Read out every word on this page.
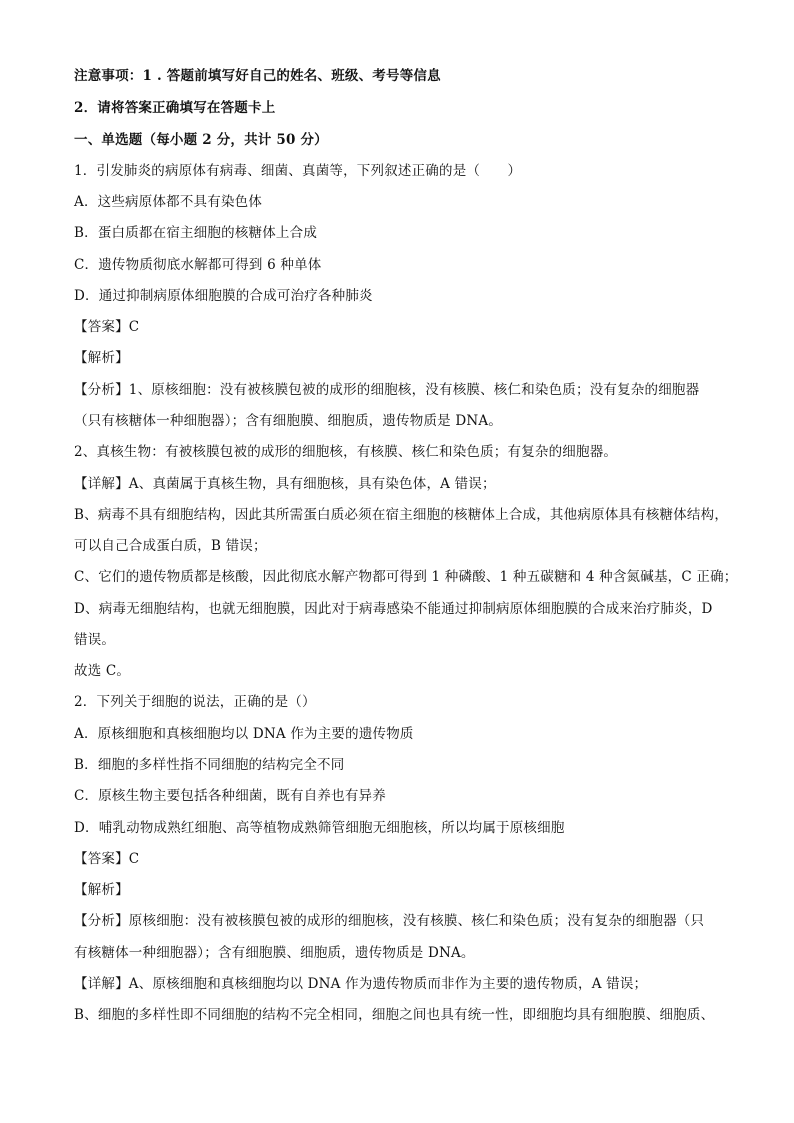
注意事项：1 . 答题前填写好自己的姓名、班级、考号等信息
2．请将答案正确填写在答题卡上
一、单选题（每小题 2 分，共计 50 分）
1．引发肺炎的病原体有病毒、细菌、真菌等，下列叙述正确的是（　　）
A．这些病原体都不具有染色体
B．蛋白质都在宿主细胞的核糖体上合成
C．遗传物质彻底水解都可得到 6 种单体
D．通过抑制病原体细胞膜的合成可治疗各种肺炎
【答案】C
【解析】
【分析】1、原核细胞：没有被核膜包被的成形的细胞核，没有核膜、核仁和染色质；没有复杂的细胞器
（只有核糖体一种细胞器）；含有细胞膜、细胞质，遗传物质是 DNA。
2、真核生物：有被核膜包被的成形的细胞核，有核膜、核仁和染色质；有复杂的细胞器。
【详解】A、真菌属于真核生物，具有细胞核，具有染色体，A 错误；
B、病毒不具有细胞结构，因此其所需蛋白质必须在宿主细胞的核糖体上合成，其他病原体具有核糖体结构，
可以自己合成蛋白质，B 错误；
C、它们的遗传物质都是核酸，因此彻底水解产物都可得到 1 种磷酸、1 种五碳糖和 4 种含氮碱基，C 正确；
D、病毒无细胞结构，也就无细胞膜，因此对于病毒感染不能通过抑制病原体细胞膜的合成来治疗肺炎，D
错误。
故选 C。
2．下列关于细胞的说法，正确的是（）
A．原核细胞和真核细胞均以 DNA 作为主要的遗传物质
B．细胞的多样性指不同细胞的结构完全不同
C．原核生物主要包括各种细菌，既有自养也有异养
D．哺乳动物成熟红细胞、高等植物成熟筛管细胞无细胞核，所以均属于原核细胞
【答案】C
【解析】
【分析】原核细胞：没有被核膜包被的成形的细胞核，没有核膜、核仁和染色质；没有复杂的细胞器（只
有核糖体一种细胞器）；含有细胞膜、细胞质，遗传物质是 DNA。
【详解】A、原核细胞和真核细胞均以 DNA 作为遗传物质而非作为主要的遗传物质，A 错误；
B、细胞的多样性即不同细胞的结构不完全相同，细胞之间也具有统一性，即细胞均具有细胞膜、细胞质、
